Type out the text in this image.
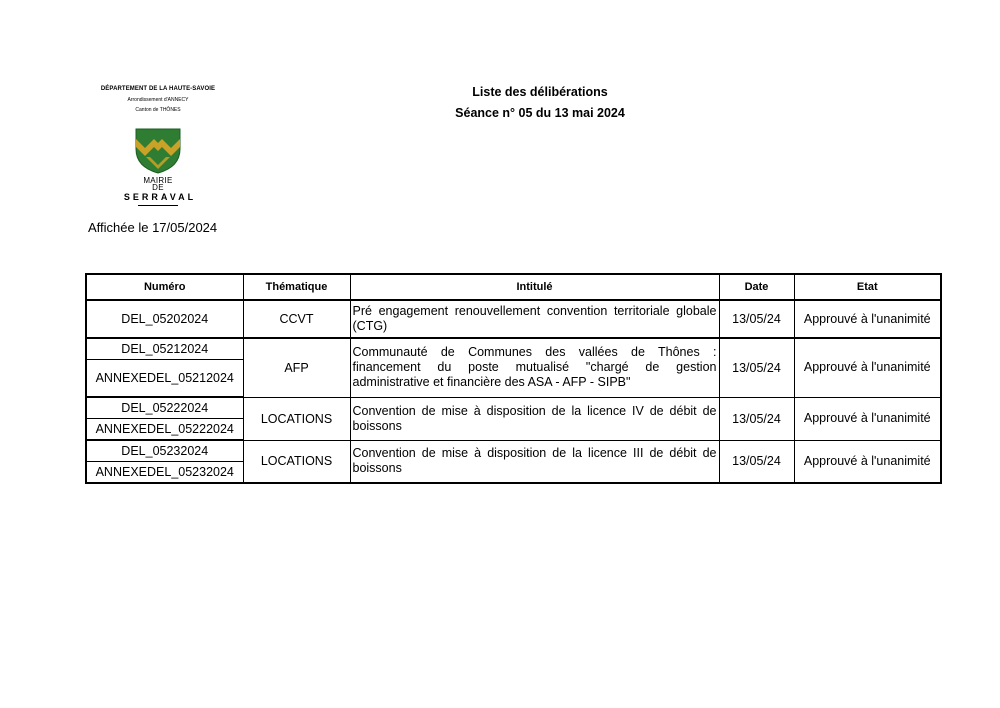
DÉPARTEMENT DE LA HAUTE-SAVOIE
Arrondissement d'ANNECY
Canton de THÔNES
MAIRIE
DE
SERRAVAL
Liste des délibérations
Séance n° 05 du 13 mai 2024
Affichée le 17/05/2024
Numéro	Thématique	Intitulé	Date	Etat
DEL_05202024	CCVT	Pré engagement renouvellement convention territoriale globale (CTG)	13/05/24	Approuvé à l'unanimité
DEL_05212024	AFP	Communauté de Communes des vallées de Thônes : financement du poste mutualisé "chargé de gestion administrative et financière des ASA - AFP - SIPB"	13/05/24	Approuvé à l'unanimité
ANNEXEDEL_05212024				
DEL_05222024	LOCATIONS	Convention de mise à disposition de la licence IV de débit de boissons	13/05/24	Approuvé à l'unanimité
ANNEXEDEL_05222024				
DEL_05232024	LOCATIONS	Convention de mise à disposition de la licence III de débit de boissons	13/05/24	Approuvé à l'unanimité
ANNEXEDEL_05232024				
